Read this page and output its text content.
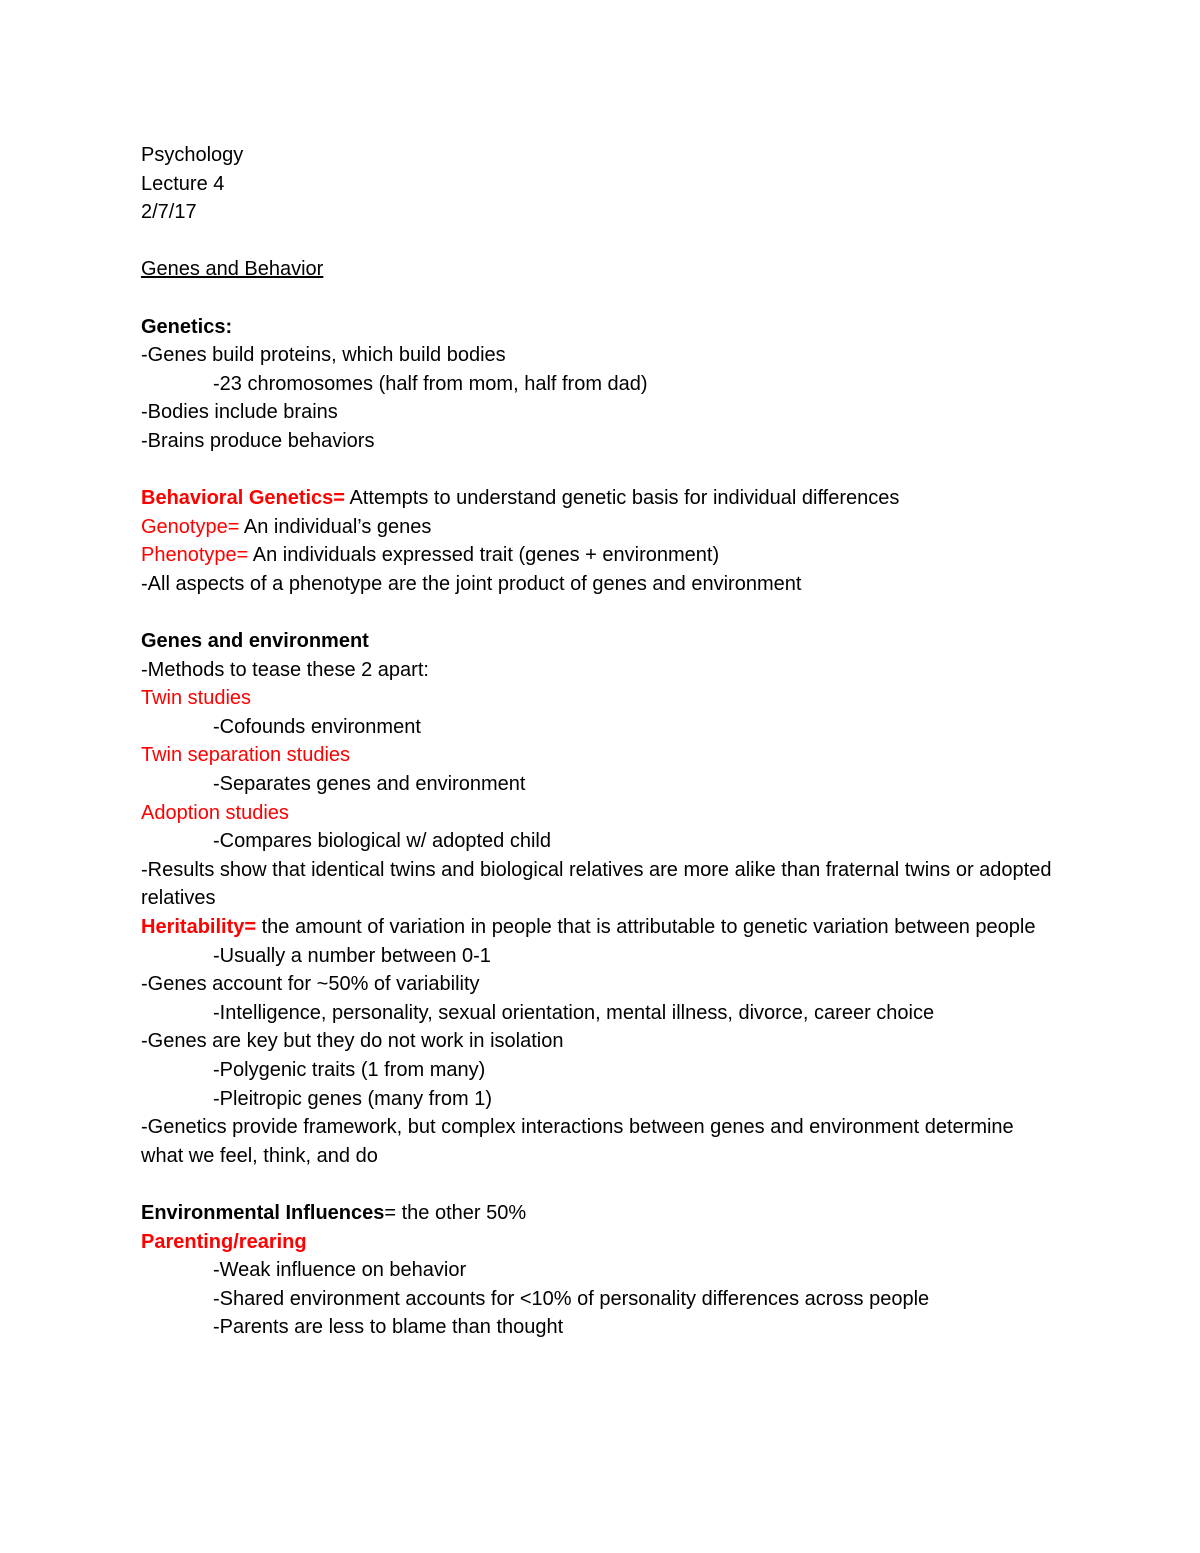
Psychology
Lecture 4
2/7/17
Genes and Behavior
Genetics:
-Genes build proteins, which build bodies
-23 chromosomes (half from mom, half from dad)
-Bodies include brains
-Brains produce behaviors
Behavioral Genetics= Attempts to understand genetic basis for individual differences
Genotype= An individual’s genes
Phenotype= An individuals expressed trait (genes + environment)
-All aspects of a phenotype are the joint product of genes and environment
Genes and environment
-Methods to tease these 2 apart:
Twin studies
-Cofounds environment
Twin separation studies
-Separates genes and environment
Adoption studies
-Compares biological w/ adopted child
-Results show that identical twins and biological relatives are more alike than fraternal twins or adopted relatives
Heritability= the amount of variation in people that is attributable to genetic variation between people
-Usually a number between 0-1
-Genes account for ~50% of variability
-Intelligence, personality, sexual orientation, mental illness, divorce, career choice
-Genes are key but they do not work in isolation
-Polygenic traits (1 from many)
-Pleitropic genes (many from 1)
-Genetics provide framework, but complex interactions between genes and environment determine what we feel, think, and do
Environmental Influences= the other 50%
Parenting/rearing
-Weak influence on behavior
-Shared environment accounts for <10% of personality differences across people
-Parents are less to blame than thought
